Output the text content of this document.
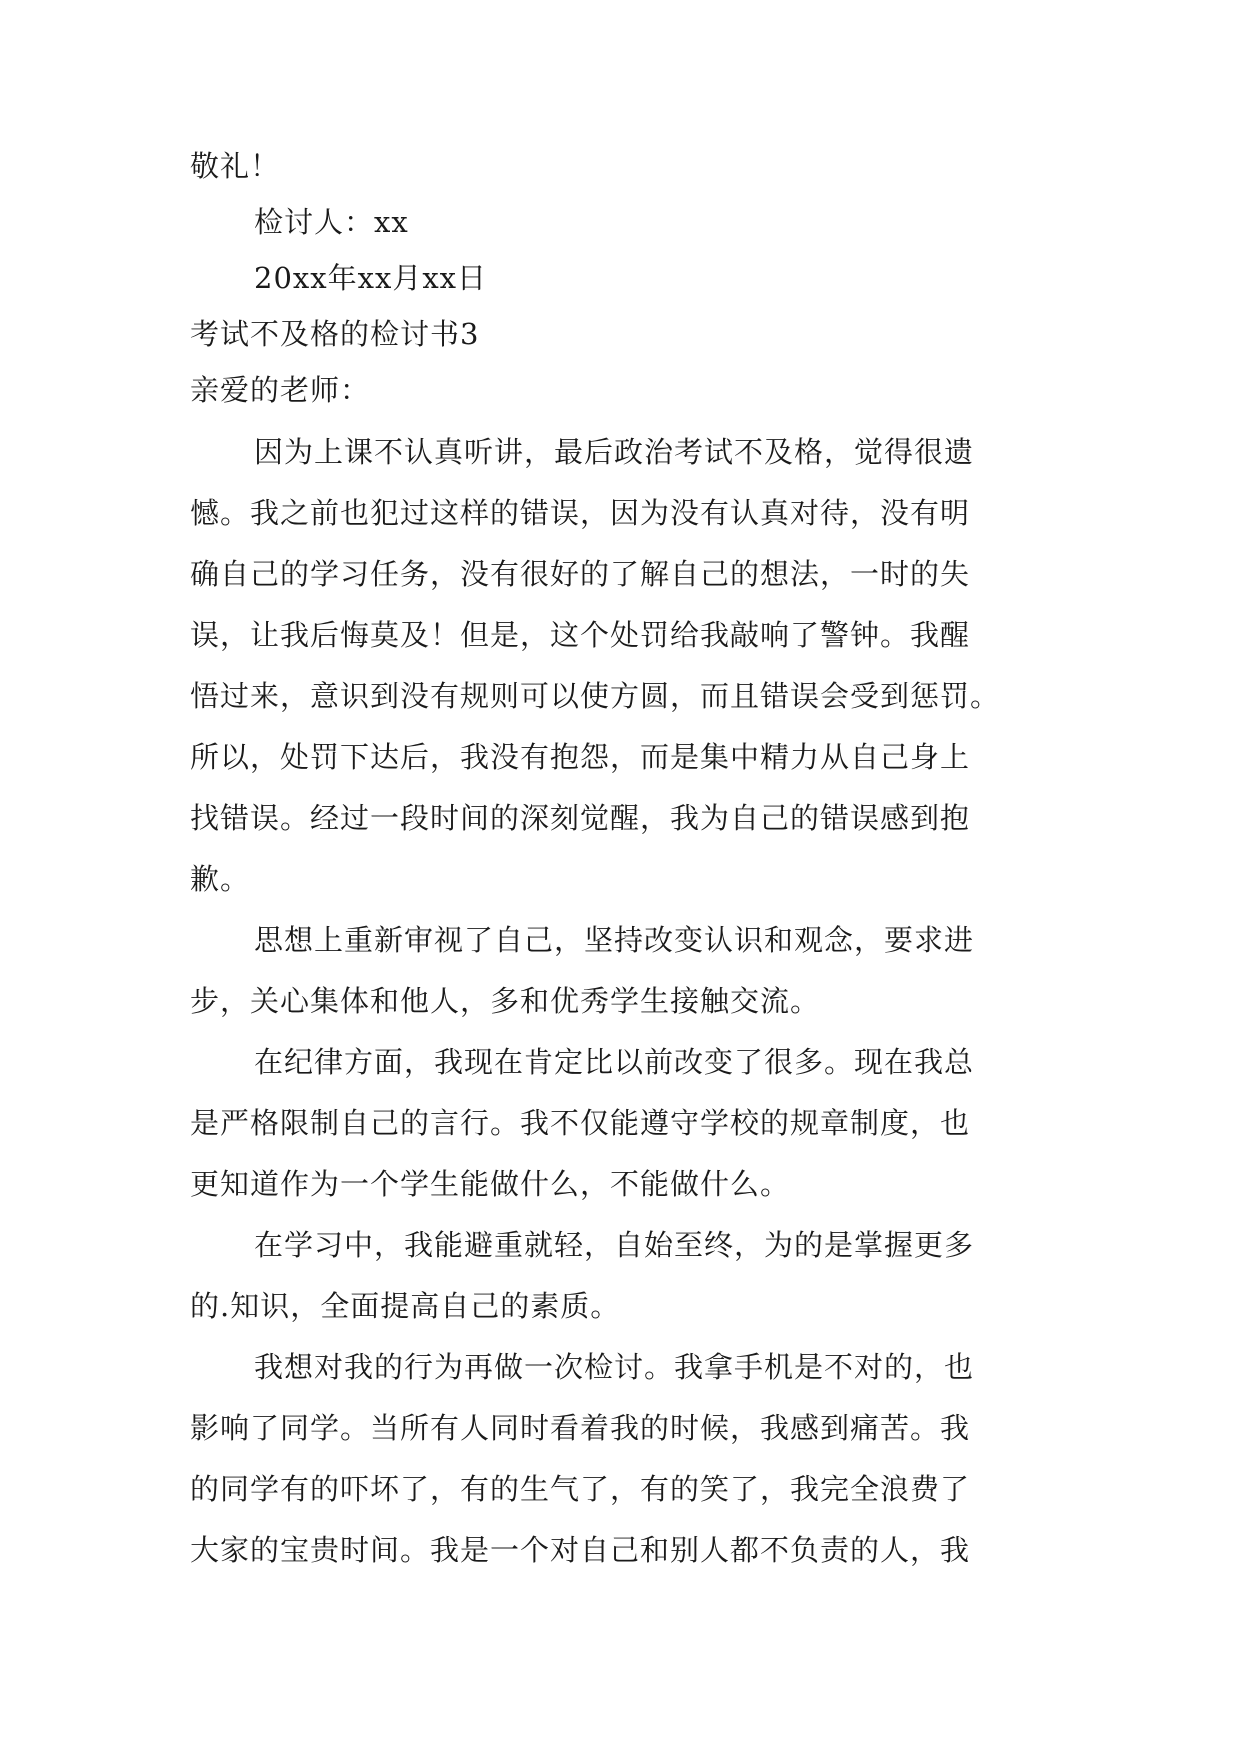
敬礼！
检讨人：xx
20xx年xx月xx日
考试不及格的检讨书3
亲爱的老师：
因为上课不认真听讲，最后政治考试不及格，觉得很遗
憾。我之前也犯过这样的错误，因为没有认真对待，没有明
确自己的学习任务，没有很好的了解自己的想法，一时的失
误，让我后悔莫及！但是，这个处罚给我敲响了警钟。我醒
悟过来，意识到没有规则可以使方圆，而且错误会受到惩罚。
所以，处罚下达后，我没有抱怨，而是集中精力从自己身上
找错误。经过一段时间的深刻觉醒，我为自己的错误感到抱
歉。
思想上重新审视了自己，坚持改变认识和观念，要求进
步，关心集体和他人，多和优秀学生接触交流。
在纪律方面，我现在肯定比以前改变了很多。现在我总
是严格限制自己的言行。我不仅能遵守学校的规章制度，也
更知道作为一个学生能做什么，不能做什么。
在学习中，我能避重就轻，自始至终，为的是掌握更多
的.知识，全面提高自己的素质。
我想对我的行为再做一次检讨。我拿手机是不对的，也
影响了同学。当所有人同时看着我的时候，我感到痛苦。我
的同学有的吓坏了，有的生气了，有的笑了，我完全浪费了
大家的宝贵时间。我是一个对自己和别人都不负责的人，我
